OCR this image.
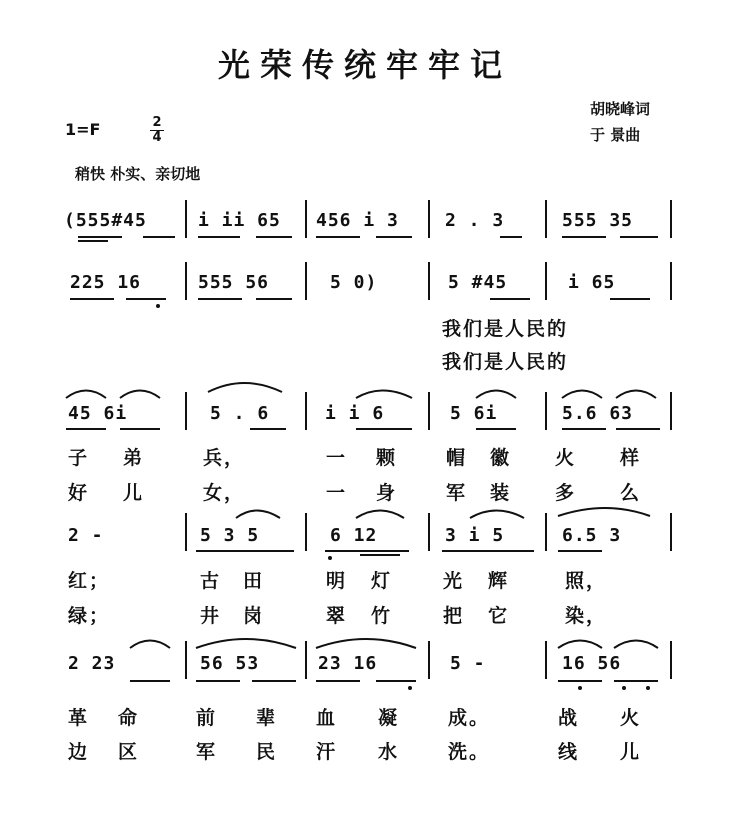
光荣传统牢牢记
胡晓峰词
于 景曲
1=F	$\frac{2}{4}$
稍快 朴实、亲切地
(555#45	i ii 65 456 i 3	2 . 3	555 35
225 16	555 56	5 0)	5 #45	i 65
我们是人民的
我们是人民的
45 6i	5 . 6	i i 6	5 6i	5.6 63
子 弟	兵，	一 颗	帽 徽 火 样
好 儿	女，	一 身	军 装 多 么
2 -	5 3 5	6 12	3 i 5	6.5 3
红；	古 田	明 灯	光 辉	照，
绿；	井 岗	翠 竹	把 它	染，
2 23	56 53	23 16	5 -	16 56
革 命	前 辈 血 凝	成。	战 火
边 区	军 民 汗 水	洗。	线 儿
